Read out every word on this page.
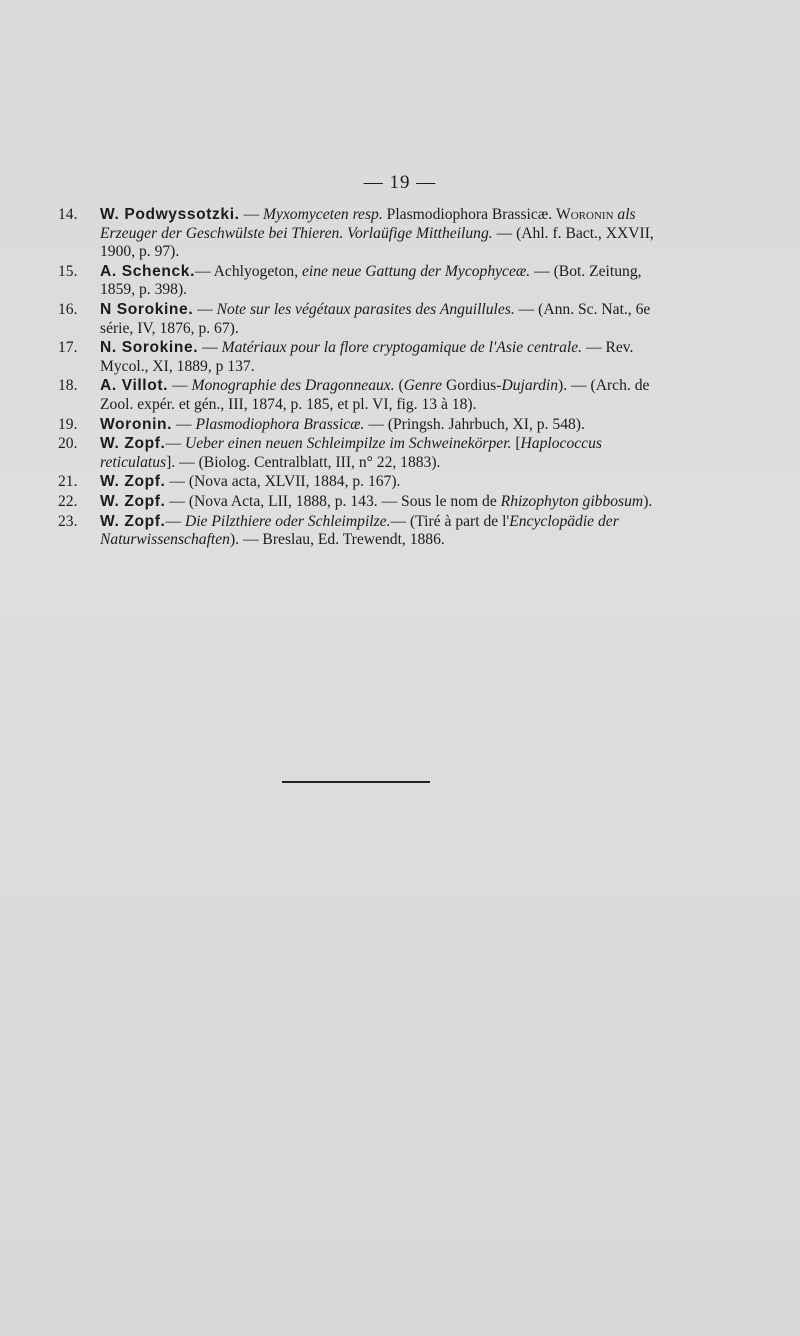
— 19 —
14.	W. Podwyssotzki. — Myxomyceten resp. Plasmodiophora Brassicæ. Woronin als Erzeuger der Geschwülste bei Thieren. Vorlaüfige Mittheilung. — (Ahl. f. Bact., XXVII, 1900, p. 97).
15.	A. Schenck.— Achlyogeton, eine neue Gattung der Mycophyceæ. — (Bot. Zeitung, 1859, p. 398).
16.	N Sorokine. — Note sur les végétaux parasites des Anguillules. — (Ann. Sc. Nat., 6e série, IV, 1876, p. 67).
17.	N. Sorokine. — Matériaux pour la flore cryptogamique de l'Asie centrale. — Rev. Mycol., XI, 1889, p 137.
18.	A. Villot. — Monographie des Dragonneaux. (Genre Gordius-Dujardin). — (Arch. de Zool. expér. et gén., III, 1874, p. 185, et pl. VI, fig. 13 à 18).
19.	Woronin. — Plasmodiophora Brassicæ. — (Pringsh. Jahrbuch, XI, p. 548).
20.	W. Zopf.— Ueber einen neuen Schleimpilze im Schweinekörper. [Haplococcus reticulatus]. — (Biolog. Centralblatt, III, n° 22, 1883).
21.	W. Zopf. — (Nova acta, XLVII, 1884, p. 167).
22.	W. Zopf. — (Nova Acta, LII, 1888, p. 143. — Sous le nom de Rhizophyton gibbosum).
23.	W. Zopf.— Die Pilzthiere oder Schleimpilze.— (Tiré à part de l'Encyclopädie der Naturwissenschaften). — Breslau, Ed. Trewendt, 1886.
